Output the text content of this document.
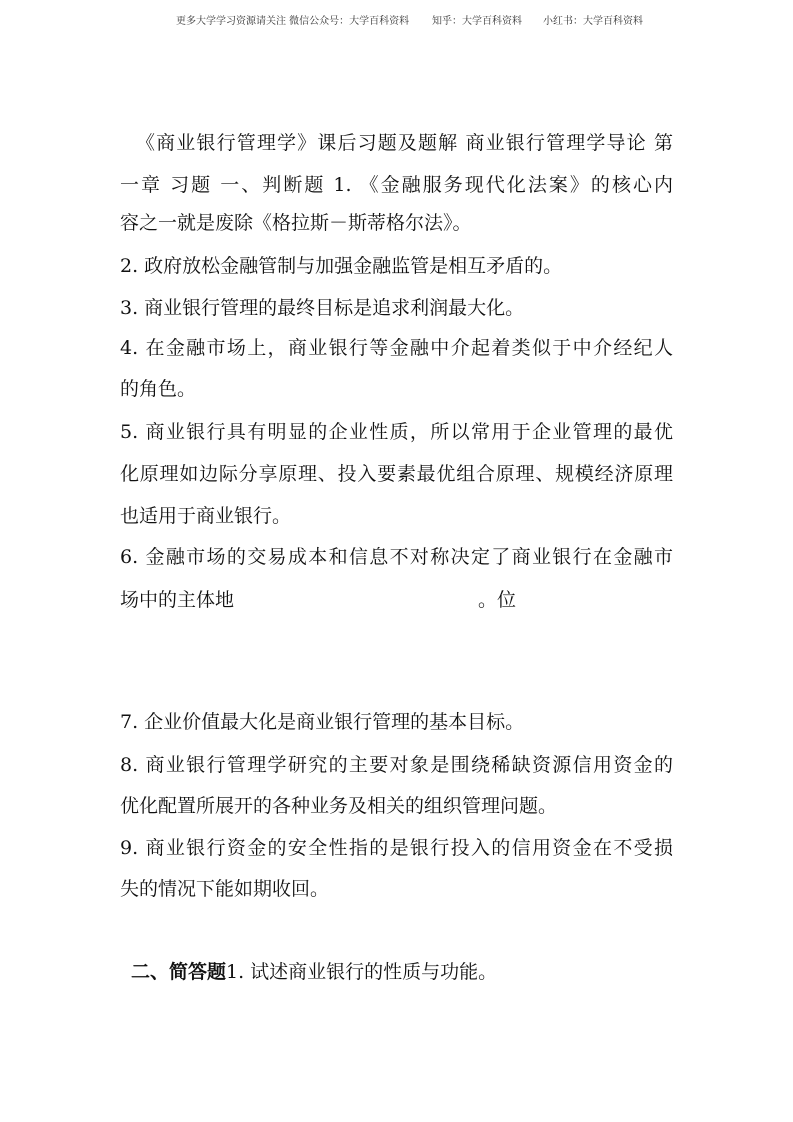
更多大学学习资源请关注 微信公众号：大学百科资料 知乎：大学百科资料 小红书：大学百科资料
《商业银行管理学》课后习题及题解 商业银行管理学导论 第
一章 习题 一、判断题 1. 《金融服务现代化法案》的核心内
容之一就是废除《格拉斯－斯蒂格尔法》。
2. 政府放松金融管制与加强金融监管是相互矛盾的。
3. 商业银行管理的最终目标是追求利润最大化。
4. 在金融市场上，商业银行等金融中介起着类似于中介经纪人
的角色。
5. 商业银行具有明显的企业性质，所以常用于企业管理的最优
化原理如边际分享原理、投入要素最优组合原理、规模经济原理
也适用于商业银行。
6. 金融市场的交易成本和信息不对称决定了商业银行在金融市
场中的主体地	。位
7. 企业价值最大化是商业银行管理的基本目标。
8. 商业银行管理学研究的主要对象是围绕稀缺资源信用资金的
优化配置所展开的各种业务及相关的组织管理问题。
9. 商业银行资金的安全性指的是银行投入的信用资金在不受损
失的情况下能如期收回。
二、简答题1. 试述商业银行的性质与功能。
